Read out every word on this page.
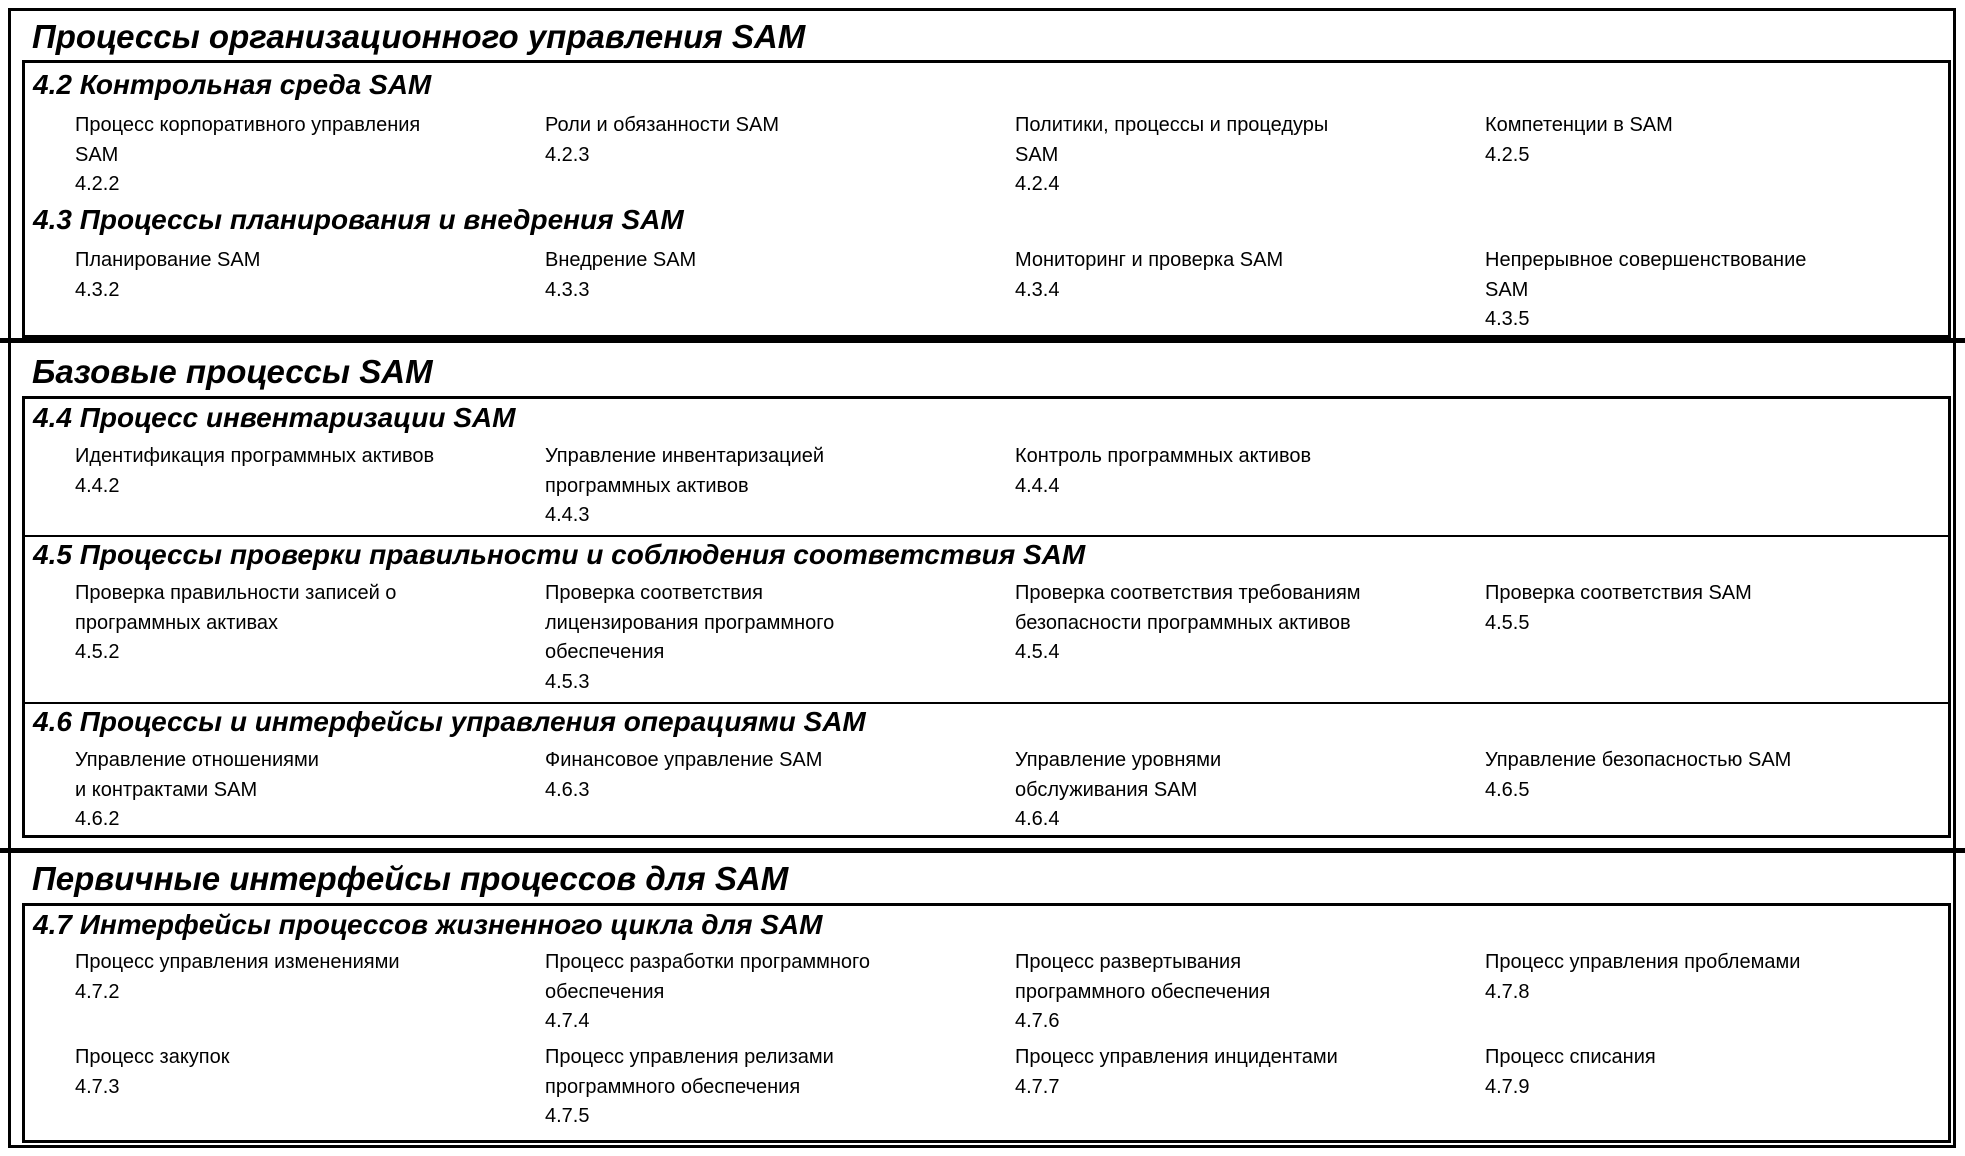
Процессы организационного управления SAM
4.2 Контрольная среда SAM
Процесс корпоративного управления
SAM
4.2.2
Роли и обязанности SAM
4.2.3
Политики, процессы и процедуры
SAM
4.2.4
Компетенции в SAM
4.2.5
4.3 Процессы планирования и внедрения SAM
Планирование SAM
4.3.2
Внедрение SAM
4.3.3
Мониторинг и проверка SAM
4.3.4
Непрерывное совершенствование
SAM
4.3.5
Базовые процессы SAM
4.4 Процесс инвентаризации SAM
Идентификация программных активов
4.4.2
Управление инвентаризацией
программных активов
4.4.3
Контроль программных активов
4.4.4
4.5 Процессы проверки правильности и соблюдения соответствия SAM
Проверка правильности записей о
программных активах
4.5.2
Проверка соответствия
лицензирования программного
обеспечения
4.5.3
Проверка соответствия требованиям
безопасности программных активов
4.5.4
Проверка соответствия SAM
4.5.5
4.6 Процессы и интерфейсы управления операциями SAM
Управление отношениями
и контрактами SAM
4.6.2
Финансовое управление SAM
4.6.3
Управление уровнями
обслуживания SAM
4.6.4
Управление безопасностью SAM
4.6.5
Первичные интерфейсы процессов для SAM
4.7 Интерфейсы процессов жизненного цикла для SAM
Процесс управления изменениями
4.7.2
Процесс разработки программного
обеспечения
4.7.4
Процесс развертывания
программного обеспечения
4.7.6
Процесс управления проблемами
4.7.8
Процесс закупок
4.7.3
Процесс управления релизами
программного обеспечения
4.7.5
Процесс управления инцидентами
4.7.7
Процесс списания
4.7.9
